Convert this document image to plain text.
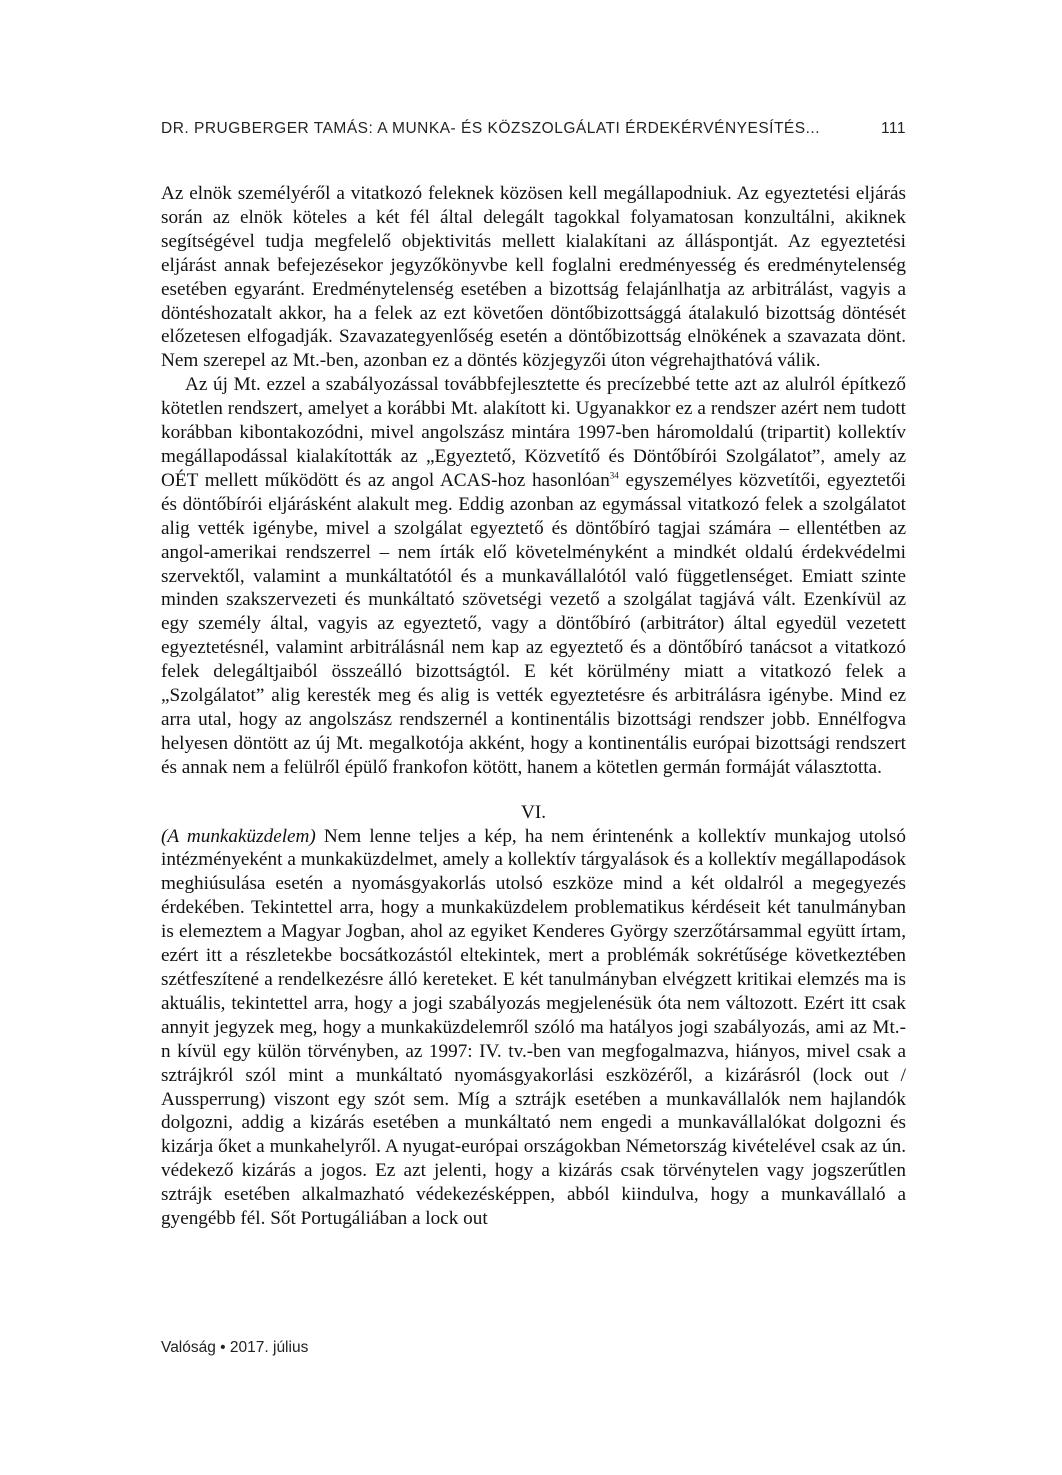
DR. PRUGBERGER TAMÁS: A MUNKA- ÉS KÖZSZOLGÁLATI ÉRDEKÉRVÉNYESÍTÉS...	111

Az elnök személyéről a vitatkozó feleknek közösen kell megállapodniuk. Az egyeztetési eljárás során az elnök köteles a két fél által delegált tagokkal folyamatosan konzultálni, akiknek segítségével tudja megfelelő objektivitás mellett kialakítani az álláspontját. Az egyeztetési eljárást annak befejezésekor jegyzőkönyvbe kell foglalni eredményesség és eredménytelenség esetében egyaránt. Eredménytelenség esetében a bizottság felajánlhatja az arbitrálást, vagyis a döntéshozatalt akkor, ha a felek az ezt követően döntőbizottsággá átalakuló bizottság döntését előzetesen elfogadják. Szavazategyenlőség esetén a döntőbizottság elnökének a szavazata dönt. Nem szerepel az Mt.-ben, azonban ez a döntés közjegyzői úton végrehajthatóvá válik.

Az új Mt. ezzel a szabályozással továbbfejlesztette és precízebbé tette azt az alulról építkező kötetlen rendszert, amelyet a korábbi Mt. alakított ki. Ugyanakkor ez a rendszer azért nem tudott korábban kibontakozódni, mivel angolszász mintára 1997-ben háromoldalú (tripartit) kollektív megállapodással kialakították az „Egyeztető, Közvetítő és Döntőbírói Szolgálatot”, amely az OÉT mellett működött és az angol ACAS-hoz hasonlóan$^{34}$ egyszemélyes közvetítői, egyeztetői és döntőbírói eljárásként alakult meg. Eddig azonban az egymással vitatkozó felek a szolgálatot alig vették igénybe, mivel a szolgálat egyeztető és döntőbíró tagjai számára – ellentétben az angol-amerikai rendszerrel – nem írták elő követelményként a mindkét oldalú érdekvédelmi szervektől, valamint a munkáltatótól és a munkavállalótól való függetlenséget. Emiatt szinte minden szakszervezeti és munkáltató szövetségi vezető a szolgálat tagjává vált. Ezenkívül az egy személy által, vagyis az egyeztető, vagy a döntőbíró (arbitrátor) által egyedül vezetett egyeztetésnél, valamint arbitrálásnál nem kap az egyeztető és a döntőbíró tanácsot a vitatkozó felek delegáltjaiból összeálló bizottságtól. E két körülmény miatt a vitatkozó felek a „Szolgálatot” alig keresték meg és alig is vették egyeztetésre és arbitrálásra igénybe. Mind ez arra utal, hogy az angolszász rendszernél a kontinentális bizottsági rendszer jobb. Ennélfogva helyesen döntött az új Mt. megalkotója akként, hogy a kontinentális európai bizottsági rendszert és annak nem a felülről épülő frankofon kötött, hanem a kötetlen germán formáját választotta.

VI.

(A munkaküzdelem) Nem lenne teljes a kép, ha nem érintenénk a kollektív munkajog utolsó intézményeként a munkaküzdelmet, amely a kollektív tárgyalások és a kollektív megállapodások meghiúsulása esetén a nyomásgyakorlás utolsó eszköze mind a két oldalról a megegyezés érdekében. Tekintettel arra, hogy a munkaküzdelem problematikus kérdéseit két tanulmányban is elemeztem a Magyar Jogban, ahol az egyiket Kenderes György szerzőtársammal együtt írtam, ezért itt a részletekbe bocsátkozástól eltekintek, mert a problémák sokrétűsége következtében szétfeszítené a rendelkezésre álló kereteket. E két tanulmányban elvégzett kritikai elemzés ma is aktuális, tekintettel arra, hogy a jogi szabályozás megjelenésük óta nem változott. Ezért itt csak annyit jegyzek meg, hogy a munkaküzdelemről szóló ma hatályos jogi szabályozás, ami az Mt.-n kívül egy külön törvényben, az 1997: IV. tv.-ben van megfogalmazva, hiányos, mivel csak a sztrájkról szól mint a munkáltató nyomásgyakorlási eszközéről, a kizárásról (lock out / Aussperrung) viszont egy szót sem. Míg a sztrájk esetében a munkavállalók nem hajlandók dolgozni, addig a kizárás esetében a munkáltató nem engedi a munkavállalókat dolgozni és kizárja őket a munkahelyről. A nyugat-európai országokban Németország kivételével csak az ún. védekező kizárás a jogos. Ez azt jelenti, hogy a kizárás csak törvénytelen vagy jogszerűtlen sztrájk esetében alkalmazható védekezésképpen, abból kiindulva, hogy a munkavállaló a gyengébb fél. Sőt Portugáliában a lock out

Valóság • 2017. július
